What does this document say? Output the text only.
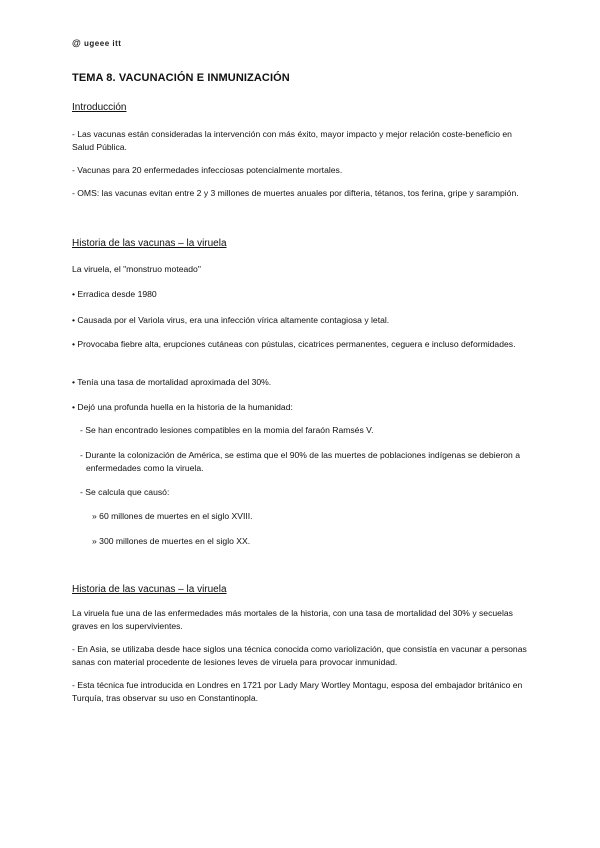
@ ugeee itt
TEMA 8. VACUNACIÓN E INMUNIZACIÓN
Introducción
- Las vacunas están consideradas la intervención con más éxito, mayor impacto y mejor relación coste-beneficio en Salud Pública.
- Vacunas para 20 enfermedades infecciosas potencialmente mortales.
- OMS: las vacunas evitan entre 2 y 3 millones de muertes anuales por difteria, tétanos, tos ferina, gripe y sarampión.
Historia de las vacunas – la viruela
La viruela, el "monstruo moteado"
• Erradica desde 1980
• Causada por el Variola virus, era una infección vírica altamente contagiosa y letal.
• Provocaba fiebre alta, erupciones cutáneas con pústulas, cicatrices permanentes, ceguera e incluso deformidades.
• Tenía una tasa de mortalidad aproximada del 30%.
• Dejó una profunda huella en la historia de la humanidad:
- Se han encontrado lesiones compatibles en la momia del faraón Ramsés V.
- Durante la colonización de América, se estima que el 90% de las muertes de poblaciones indígenas se debieron a enfermedades como la viruela.
- Se calcula que causó:
» 60 millones de muertes en el siglo XVIII.
» 300 millones de muertes en el siglo XX.
Historia de las vacunas – la viruela
La viruela fue una de las enfermedades más mortales de la historia, con una tasa de mortalidad del 30% y secuelas graves en los supervivientes.
- En Asia, se utilizaba desde hace siglos una técnica conocida como variolización, que consistía en vacunar a personas sanas con material procedente de lesiones leves de viruela para provocar inmunidad.
- Esta técnica fue introducida en Londres en 1721 por Lady Mary Wortley Montagu, esposa del embajador británico en Turquía, tras observar su uso en Constantinopla.
